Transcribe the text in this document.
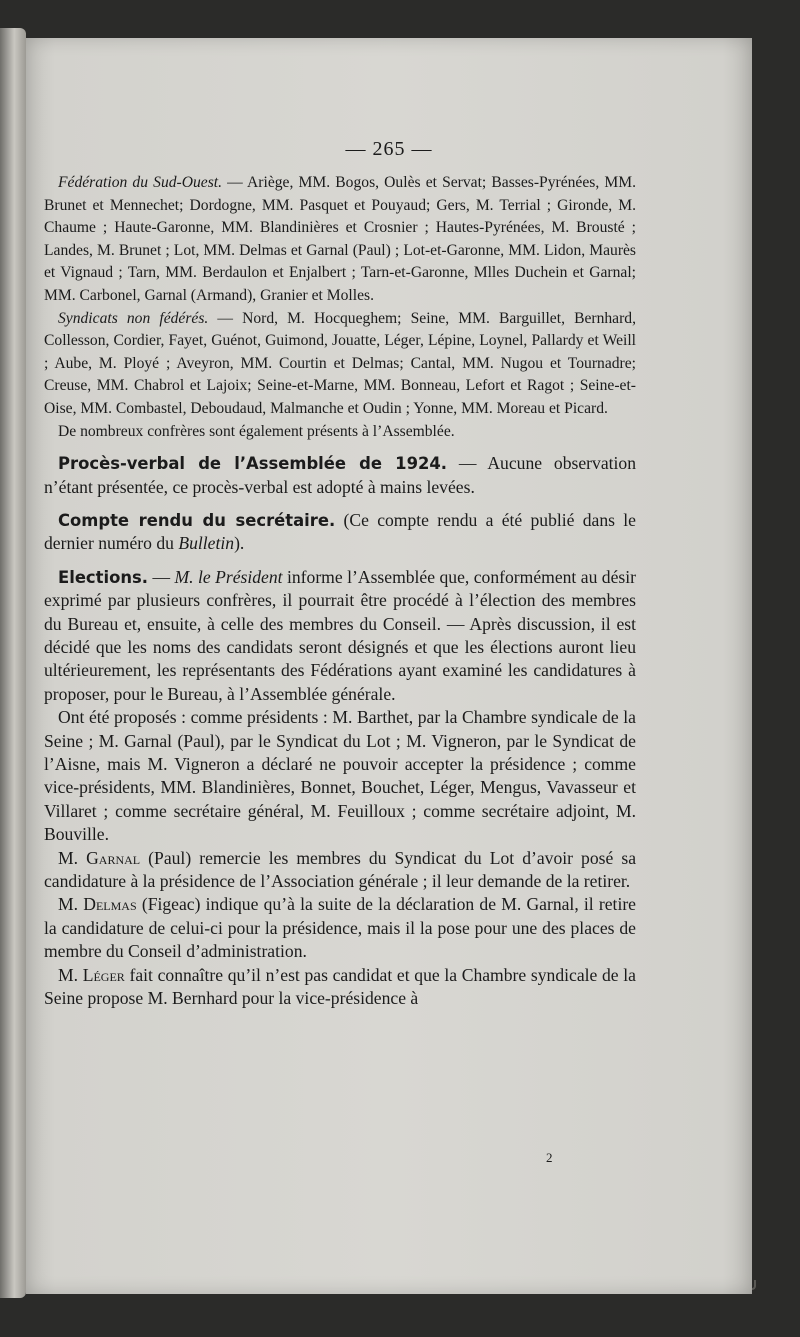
— 265 —

Fédération du Sud-Ouest. — Ariège, MM. Bogos, Oulès et Servat; Basses-Pyrénées, MM. Brunet et Mennechet; Dordogne, MM. Pasquet et Pouyaud; Gers, M. Terrial ; Gironde, M. Chaume ; Haute-Garonne, MM. Blandinières et Crosnier ; Hautes-Pyrénées, M. Brousté ; Landes, M. Brunet ; Lot, MM. Delmas et Garnal (Paul) ; Lot-et-Garonne, MM. Lidon, Maurès et Vignaud ; Tarn, MM. Berdaulon et Enjalbert ; Tarn-et-Garonne, Mlles Duchein et Garnal; MM. Carbonel, Garnal (Armand), Granier et Molles.

Syndicats non fédérés. — Nord, M. Hocqueghem; Seine, MM. Barguillet, Bernhard, Collesson, Cordier, Fayet, Guénot, Guimond, Jouatte, Léger, Lépine, Loynel, Pallardy et Weill ; Aube, M. Ployé ; Aveyron, MM. Courtin et Delmas; Cantal, MM. Nugou et Tournadre; Creuse, MM. Chabrol et Lajoix; Seine-et-Marne, MM. Bonneau, Lefort et Ragot ; Seine-et-Oise, MM. Combastel, Deboudaud, Malmanche et Oudin ; Yonne, MM. Moreau et Picard.

De nombreux confrères sont également présents à l’Assemblée.

Procès-verbal de l’Assemblée de 1924. — Aucune observation n’étant présentée, ce procès-verbal est adopté à mains levées.

Compte rendu du secrétaire. (Ce compte rendu a été publié dans le dernier numéro du Bulletin).

Elections. — M. le Président informe l’Assemblée que, conformément au désir exprimé par plusieurs confrères, il pourrait être procédé à l’élection des membres du Bureau et, ensuite, à celle des membres du Conseil. — Après discussion, il est décidé que les noms des candidats seront désignés et que les élections auront lieu ultérieurement, les représentants des Fédérations ayant examiné les candidatures à proposer, pour le Bureau, à l’Assemblée générale.

Ont été proposés : comme présidents : M. Barthet, par la Chambre syndicale de la Seine ; M. Garnal (Paul), par le Syndicat du Lot ; M. Vigneron, par le Syndicat de l’Aisne, mais M. Vigneron a déclaré ne pouvoir accepter la présidence ; comme vice-présidents, MM. Blandinières, Bonnet, Bouchet, Léger, Mengus, Vavasseur et Villaret ; comme secrétaire général, M. Feuilloux ; comme secrétaire adjoint, M. Bouville.

M. Garnal (Paul) remercie les membres du Syndicat du Lot d’avoir posé sa candidature à la présidence de l’Association générale ; il leur demande de la retirer.

M. Delmas (Figeac) indique qu’à la suite de la déclaration de M. Garnal, il retire la candidature de celui-ci pour la présidence, mais il la pose pour une des places de membre du Conseil d’administration.

M. Léger fait connaître qu’il n’est pas candidat et que la Chambre syndicale de la Seine propose M. Bernhard pour la vice-présidence à

2
